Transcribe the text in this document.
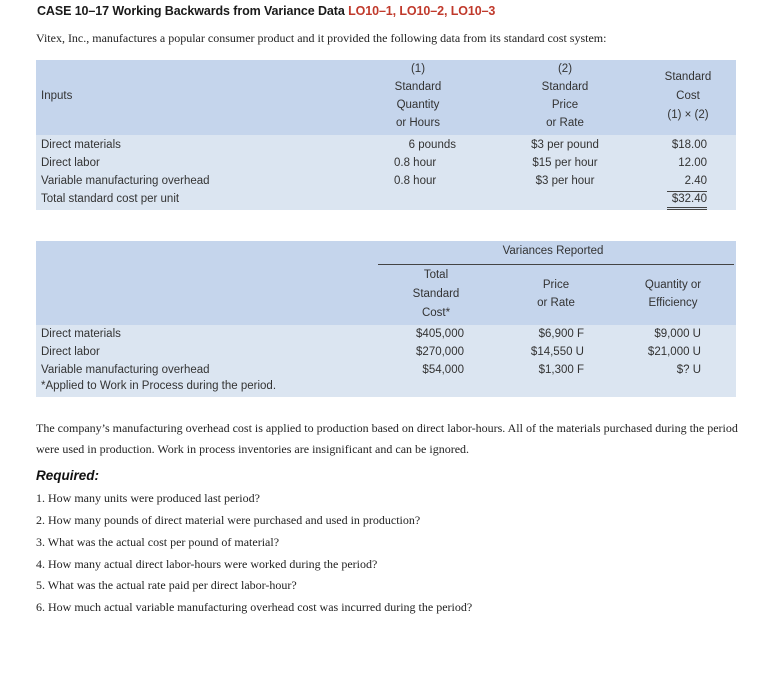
CASE 10–17 Working Backwards from Variance Data LO10–1, LO10–2, LO10–3
Vitex, Inc., manufactures a popular consumer product and it provided the following data from its standard cost system:
Inputs
(1)
Standard
Quantity
or Hours
(2)
Standard
Price
or Rate
Standard
Cost
(1) × (2)
Direct materials	6 pounds	$3 per pound	$18.00
Direct labor	0.8 hour	$15 per hour	12.00
Variable manufacturing overhead	0.8 hour	$3 per hour	2.40
Total standard cost per unit	$32.40
Variances Reported
Total
Standard
Cost*
Price
or Rate
Quantity or
Efficiency
Direct materials	$405,000	$6,900 F	$9,000 U
Direct labor	$270,000	$14,550 U	$21,000 U
Variable manufacturing overhead	$54,000	$1,300 F	$? U
*Applied to Work in Process during the period.
The company’s manufacturing overhead cost is applied to production based on direct labor-hours. All of the materials purchased during the period were used in production. Work in process inventories are insignificant and can be ignored.
Required:
1. How many units were produced last period?
2. How many pounds of direct material were purchased and used in production?
3. What was the actual cost per pound of material?
4. How many actual direct labor-hours were worked during the period?
5. What was the actual rate paid per direct labor-hour?
6. How much actual variable manufacturing overhead cost was incurred during the period?
